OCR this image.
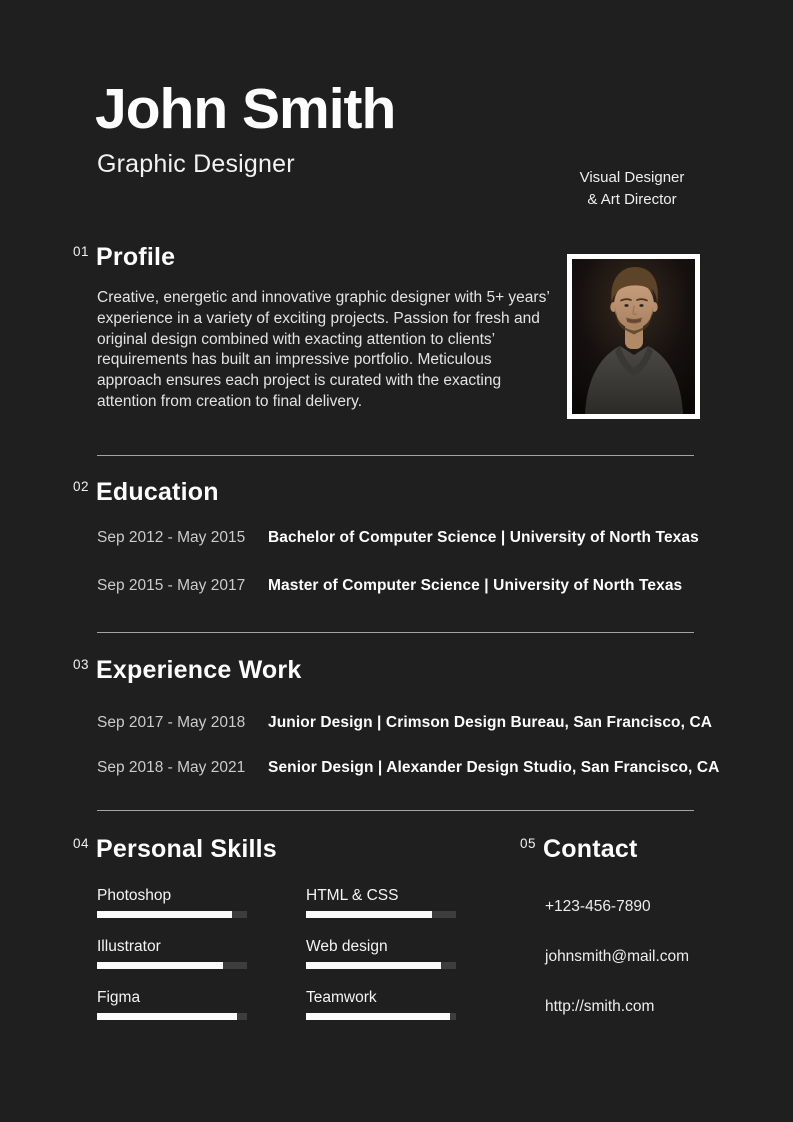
John Smith
Graphic Designer	Visual Designer
& Art Director
01 Profile

Creative, energetic and innovative graphic designer with 5+ years’ experience in a variety of exciting projects. Passion for fresh and original design combined with exacting attention to clients’ requirements has built an impressive portfolio. Meticulous approach ensures each project is curated with the exacting attention from creation to final delivery.

02 Education
Sep 2012 - May 2015	Bachelor of Computer Science | University of North Texas
Sep 2015 - May 2017	Master of Computer Science | University of North Texas
03 Experience Work
Sep 2017 - May 2018	Junior Design | Crimson Design Bureau, San Francisco, CA
Sep 2018 - May 2021	Senior Design | Alexander Design Studio, San Francisco, CA
04 Personal Skills
Photoshop
Illustrator
Figma
HTML & CSS
Web design
Teamwork
05 Contact
+123-456-7890
johnsmith@mail.com
http://smith.com
